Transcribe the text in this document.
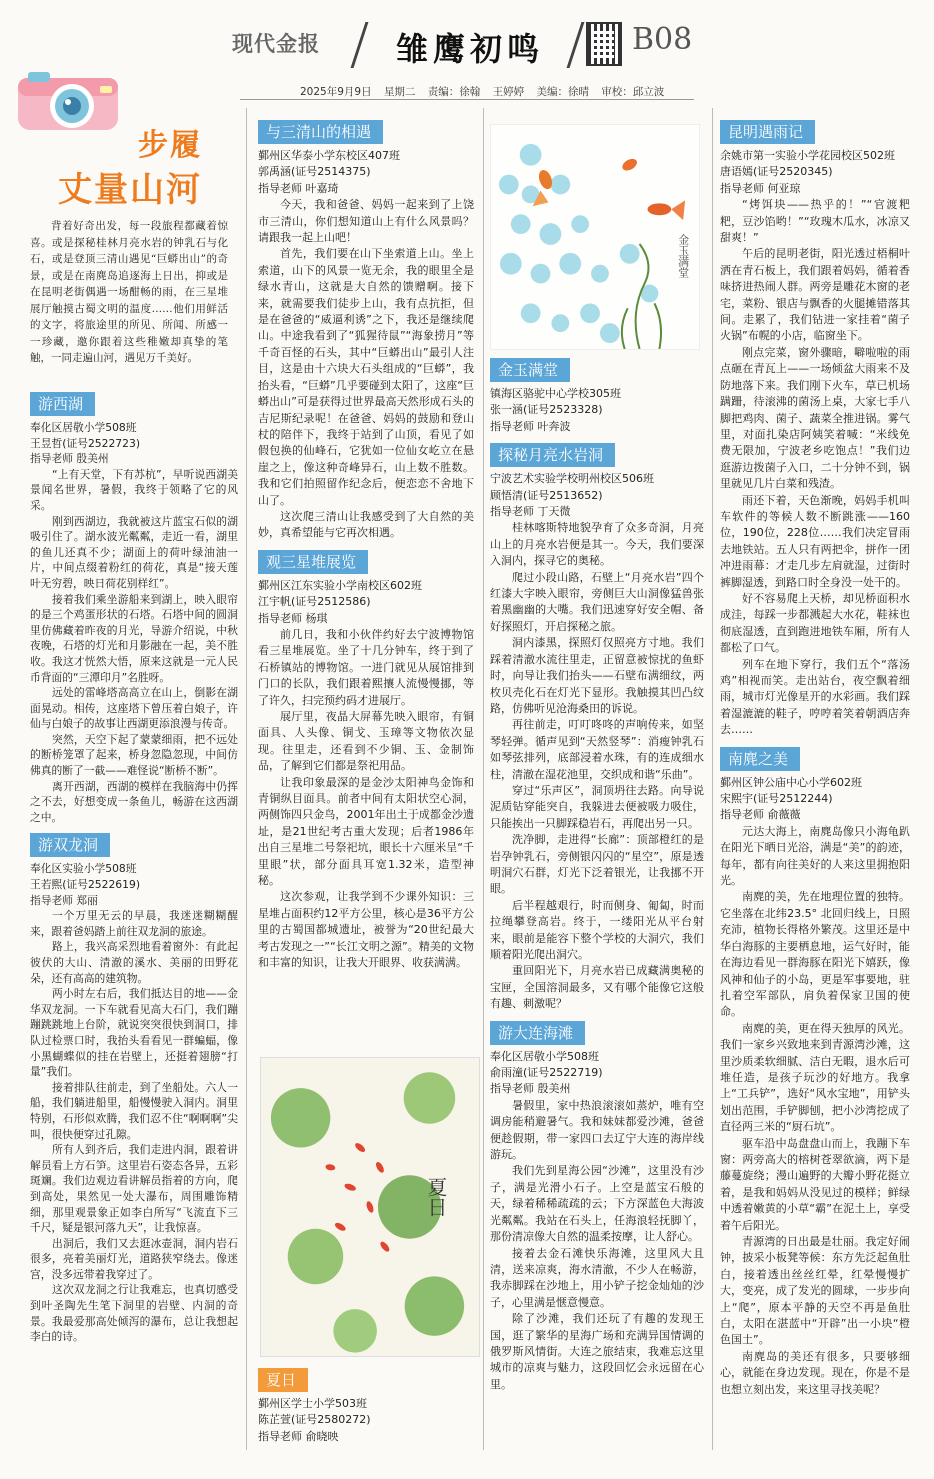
现代金报 雏鹰初鸣	B08
2025年9月9日 星期二 责编：徐翰 王婷婷 美编：徐晴 审校：邱立波
步履
丈量山河
背着好奇出发，每一段旅程都藏着惊喜。或是探秘桂林月亮水岩的钟乳石与化石，或是登顶三清山遇见“巨蟒出山”的奇景，或是在南麂岛追逐海上日出，抑或是在昆明老街偶遇一场酣畅的雨，在三星堆展厅触摸古蜀文明的温度……他们用鲜活的文字，将旅途里的所见、所闻、所感一一珍藏，邀你跟着这些稚嫩却真挚的笔触，一同走遍山河，遇见万千美好。
游西湖
奉化区居敬小学508班
王昱哲(证号2522723)
指导老师 殷美州

“上有天堂，下有苏杭”，早听说西湖美景闻名世界，暑假，我终于领略了它的风采。

刚到西湖边，我就被这片蓝宝石似的湖吸引住了。湖水波光粼粼，走近一看，湖里的鱼儿还真不少；湖面上的荷叶绿油油一片，中间点缀着粉红的荷花，真是“接天莲叶无穷碧，映日荷花别样红”。

接着我们乘坐游船来到湖上，映入眼帘的是三个鸡蛋形状的石塔。石塔中间的圆洞里仿佛藏着昨夜的月光，导游介绍说，中秋夜晚，石塔的灯光和月影融在一起，美不胜收。我这才恍然大悟，原来这就是一元人民币背面的“三潭印月”名胜呀。

远处的雷峰塔高高立在山上，倒影在湖面晃动。相传，这座塔下曾压着白娘子，许仙与白娘子的故事让西湖更添浪漫与传奇。

突然，天空下起了蒙蒙细雨，把不远处的断桥笼罩了起来，桥身忽隐忽现，中间仿佛真的断了一截——难怪说“断桥不断”。

离开西湖，西湖的模样在我脑海中仍挥之不去，好想变成一条鱼儿，畅游在这西湖之中。

游双龙洞
奉化区实验小学508班
王若熙(证号2522619)
指导老师 郑丽

一个万里无云的早晨，我迷迷糊糊醒来，跟着爸妈踏上前往双龙洞的旅途。

路上，我兴高采烈地看着窗外：有此起彼伏的大山、清澈的溪水、美丽的田野花朵，还有高高的建筑物。

两小时左右后，我们抵达目的地——金华双龙洞。一下车就看见高大石门，我们蹦蹦跳跳地上台阶，就说突突很快到洞口，排队过检票口时，我抬头看看见一群蝙蝠，像小黑蝴蝶似的挂在岩壁上，还挺着翅膀“打量”我们。

接着排队往前走，到了坐船处。六人一船，我们躺进船里，船慢慢驶入洞内。洞里特别，石形似欢腾，我们忍不住“啊啊啊”尖叫，很快便穿过孔隙。

所有人到齐后，我们走进内洞，跟着讲解员看上方石笋。这里岩石姿态各异，五彩斑斓。我们边观边看讲解员指着的方向，爬到高处，果然见一处大瀑布，周围雕饰精细，那里观景象正如李白所写“飞流直下三千尺，疑是银河落九天”，让我惊喜。

出洞后，我们又去逛冰壶洞，洞内岩石很多，亮着美丽灯光，道路狭窄绕去。像迷宫，没多远带着我穿过了。

这次双龙洞之行让我难忘，也真切感受到叶圣陶先生笔下洞里的岩壁、内洞的奇景。我最爱那高处倾泻的瀑布，总让我想起李白的诗。

与三清山的相遇
鄞州区华泰小学东校区407班
郭禹涵(证号2514375)
指导老师 叶嘉琦

今天，我和爸爸、妈妈一起来到了上饶市三清山，你们想知道山上有什么风景吗？请跟我一起上山吧！

首先，我们要在山下坐索道上山。坐上索道，山下的风景一览无余，我的眼里全是绿水青山，这就是大自然的馈赠啊。接下来，就需要我们徒步上山，我有点抗拒，但是在爸爸的“威逼利诱”之下，我还是继续爬山。中途我看到了“狐猩待鼠”“海象捞月”等千奇百怪的石头，其中“巨蟒出山”最引人注目，这是由十六块大石头组成的“巨蟒”，我抬头看，“巨蟒”几乎要碰到太阳了，这座“巨蟒出山”可是获得过世界最高天然形成石头的吉尼斯纪录呢！在爸爸、妈妈的鼓励和登山杖的陪伴下，我终于站到了山顶，看见了如假包换的仙峰石，它犹如一位仙女屹立在悬崖之上，像这种奇峰异石，山上数不胜数。我和它们拍照留作纪念后，便恋恋不舍地下山了。

这次爬三清山让我感受到了大自然的美妙，真希望能与它再次相遇。

观三星堆展览
鄞州区江东实验小学南校区602班
江宇帆(证号2512586)
指导老师 杨琪

前几日，我和小伙伴约好去宁波博物馆看三星堆展览。坐了十几分钟车，终于到了石桥镇站的博物馆。一进门就见从展馆排到门口的长队，我们跟着熙攘人流慢慢挪，等了许久，扫完预约码才进展厅。

展厅里，夜晶大屏幕先映入眼帘，有铜面具、人头像、铜戈、玉璋等文物依次显现。往里走，还看到不少铜、玉、金制饰品，了解到它们都是祭祀用品。

让我印象最深的是金沙太阳神鸟金饰和青铜纵目面具。前者中间有太阳状空心洞，两侧饰四只金鸟，2001年出土于成都金沙遗址，是21世纪考古重大发现；后者1986年出自三星堆二号祭祀坑，眼长十六厘米呈“千里眼”状，部分面具耳宽1.32米，造型神秘。

这次参观，让我学到不少课外知识：三星堆占面积约12平方公里，核心是36平方公里的古蜀国都城遗址，被誉为“20世纪最大考古发现之一”“长江文明之源”。精美的文物和丰富的知识，让我大开眼界、收获满满。

夏日
夏日
鄞州区学士小学503班
陈芷萱(证号2580272)
指导老师 俞晓映
金玉满堂
金玉满堂
镇海区骆驼中心学校305班
张一涵(证号2523328)
指导老师 叶奔波
探秘月亮水岩洞
宁波艺术实验学校明州校区506班
顾悟清(证号2513652)
指导老师 丁天微

桂林喀斯特地貌孕育了众多奇洞，月亮山上的月亮水岩便是其一。今天，我们要深入洞内，探寻它的奥秘。

爬过小段山路，石壁上“月亮水岩”四个红漆大字映入眼帘，旁侧巨大山洞像猛兽张着黑幽幽的大嘴。我们迅速穿好安全帽、备好探照灯，开启探秘之旅。

洞内漆黑，探照灯仅照亮方寸地。我们踩着清澈水流往里走，正留意被惊扰的鱼虾时，向导让我们抬头——石壁布满细纹，两枚贝壳化石在灯光下显形。我触摸其凹凸纹路，仿佛听见沧海桑田的诉说。

再往前走，叮叮咚咚的声响传来，如坚琴轻弹。循声见到“天然竖琴”：消瘦钟乳石如琴弦排列，底部浸着水珠，有的连成细水柱，清澈在湿花池里，交织成和谐“乐曲”。

穿过“乐声区”，洞顶坍往去路。向导说泥质钻穿能突自，我躲进去便被吸力吸住，只能挨出一只脚踩稳岩石，再爬出另一只。

洗净脚，走进得“长廊”：顶部橙红的是岩孕钟乳石，旁侧银闪闪的“星空”，原是透明洞穴石群，灯光下泛着银光，让我挪不开眼。

后半程越艰行，时而侧身、匍匐，时而拉绳攀登高岩。终于，一缕阳光从平台射来，眼前是能容下整个学校的大洞穴，我们顺着阳光爬出洞穴。

重回阳光下，月亮水岩已成藏满奥秘的宝匣，全国溶洞最多，又有哪个能像它这般有趣、刺激呢？

游大连海滩
奉化区居敬小学508班
俞雨潼(证号2522719)
指导老师 殷美州

暑假里，家中热浪滚滚如蒸炉，唯有空调房能稍避暑气。我和妹妹都爱沙滩，爸爸便趁假期，带一家四口去辽宁大连的海岸线游玩。

我们先到星海公园“沙滩”，这里没有沙子，满是光滑小石子。上空是蓝宝石般的天，绿着稀稀疏疏的云；下方深蓝色大海波光粼粼。我站在石头上，任海浪轻抚脚丫，那份清凉像大自然的温柔按摩，让人舒心。

接着去金石滩快乐海滩，这里风大且清，送来凉爽，海水清澈，不少人在畅游，我赤脚踩在沙地上，用小铲子挖金灿灿的沙子，心里满是惬意慢意。

除了沙滩，我们还玩了有趣的发现王国，逛了繁华的星海广场和充满异国情调的俄罗斯风情街。大连之旅结束，我难忘这里城市的凉爽与魅力，这段回忆会永远留在心里。

昆明遇雨记
余姚市第一实验小学花园校区502班
唐语嫣(证号2520345)
指导老师 何亚琼

“烤饵块——热乎的！”“官渡粑粑，豆沙馅哟！”“玫瑰木瓜水，冰凉又甜爽！”

午后的昆明老街，阳光透过梧桐叶洒在青石板上，我们跟着妈妈，循着香味挤进热闹人群。两旁是雕花木窗的老宅，菜粉、银店与飘香的火腿摊错落其间。走累了，我们钻进一家挂着“菌子火锅”布幌的小店，临窗坐下。

刚点完菜，窗外骤暗，噼啦啦的雨点砸在青瓦上——一场倾盆大雨来不及防地落下来。我们刚下火车，草已机场蹒跚，待滚沸的菌汤上桌，大家七手八脚把鸡肉、菌子、蔬菜全推进锅。雾气里，对面扎染店阿姨笑着喊：“米线免费无限加，宁波老乡吃饱点！”我们边逛游边拨菌子入口，二十分钟不到，锅里就见几片白菜和残渣。

雨还下着，天色渐晚，妈妈手机叫车软件的等候人数不断跳涨——160位，190位，228位……我们决定冒雨去地铁站。五人只有两把伞，拼作一团冲进雨幕：才走几步左肩就湿，过街时裤脚湿透，到路口时全身没一处干的。

好不容易爬上天桥，却见桥面积水成洼，每踩一步都溅起大水花，鞋袜也彻底湿透，直到跑进地铁车厢，所有人都松了口气。

列车在地下穿行，我们五个“落汤鸡”相视而笑。走出站台，夜空飘着细雨，城市灯光像星开的水彩画。我们踩着湿漉漉的鞋子，哼哼着笑着朝酒店奔去……

南麂之美
鄞州区钟公庙中心小学602班
宋熙宇(证号2512244)
指导老师 俞薇薇

元达大海上，南麂岛像只小海龟趴在阳光下晒日光浴，满是“美”的韵迹，每年，都有向往美好的人来这里拥抱阳光。

南麂的美，先在地理位置的独特。它坐落在北纬23.5° 北回归线上，日照充沛，植物长得格外繁茂。这里还是中华白海豚的主要栖息地，运气好时，能在海边看见一群海豚在阳光下嬉跃，像风神和仙子的小岛，更是军事要地，驻扎着空军部队，肩负着保家卫国的使命。

南麂的美，更在得天独厚的风光。我们一家乡兴致地来到青源湾沙滩，这里沙质柔软细腻、洁白无暇，退水后可堆任造，是孩子玩沙的好地方。我拿上“工兵铲”，选好“风水宝地”，用铲头划出范围，手铲脚刨，把小沙湾挖成了直径两三米的“厨石坑”。

驱车沿中岛盘盘山而上，我蹦下车窗：两旁高大的榕树苍翠欲滴，两下是藤蔓旋绕；漫山遍野的大瓣小野花挺立着，是我和妈妈从没见过的模样；鲜绿中透着嫩黄的小草“霸”在泥土上，享受着午后阳光。

青源湾的日出最是壮丽。我定好闹钟，披采小板凳等候：东方先泛起鱼肚白，接着透出丝丝红晕，红晕慢慢扩大，变亮，成了发光的圆球，一步步向上“爬”，原本平静的天空不再是鱼肚白，太阳在湛蓝中“开辟”出一小块“橙色国土”。

南麂岛的美还有很多，只要够细心，就能在身边发现。现在，你是不是也想立刻出发，来这里寻找美呢？
